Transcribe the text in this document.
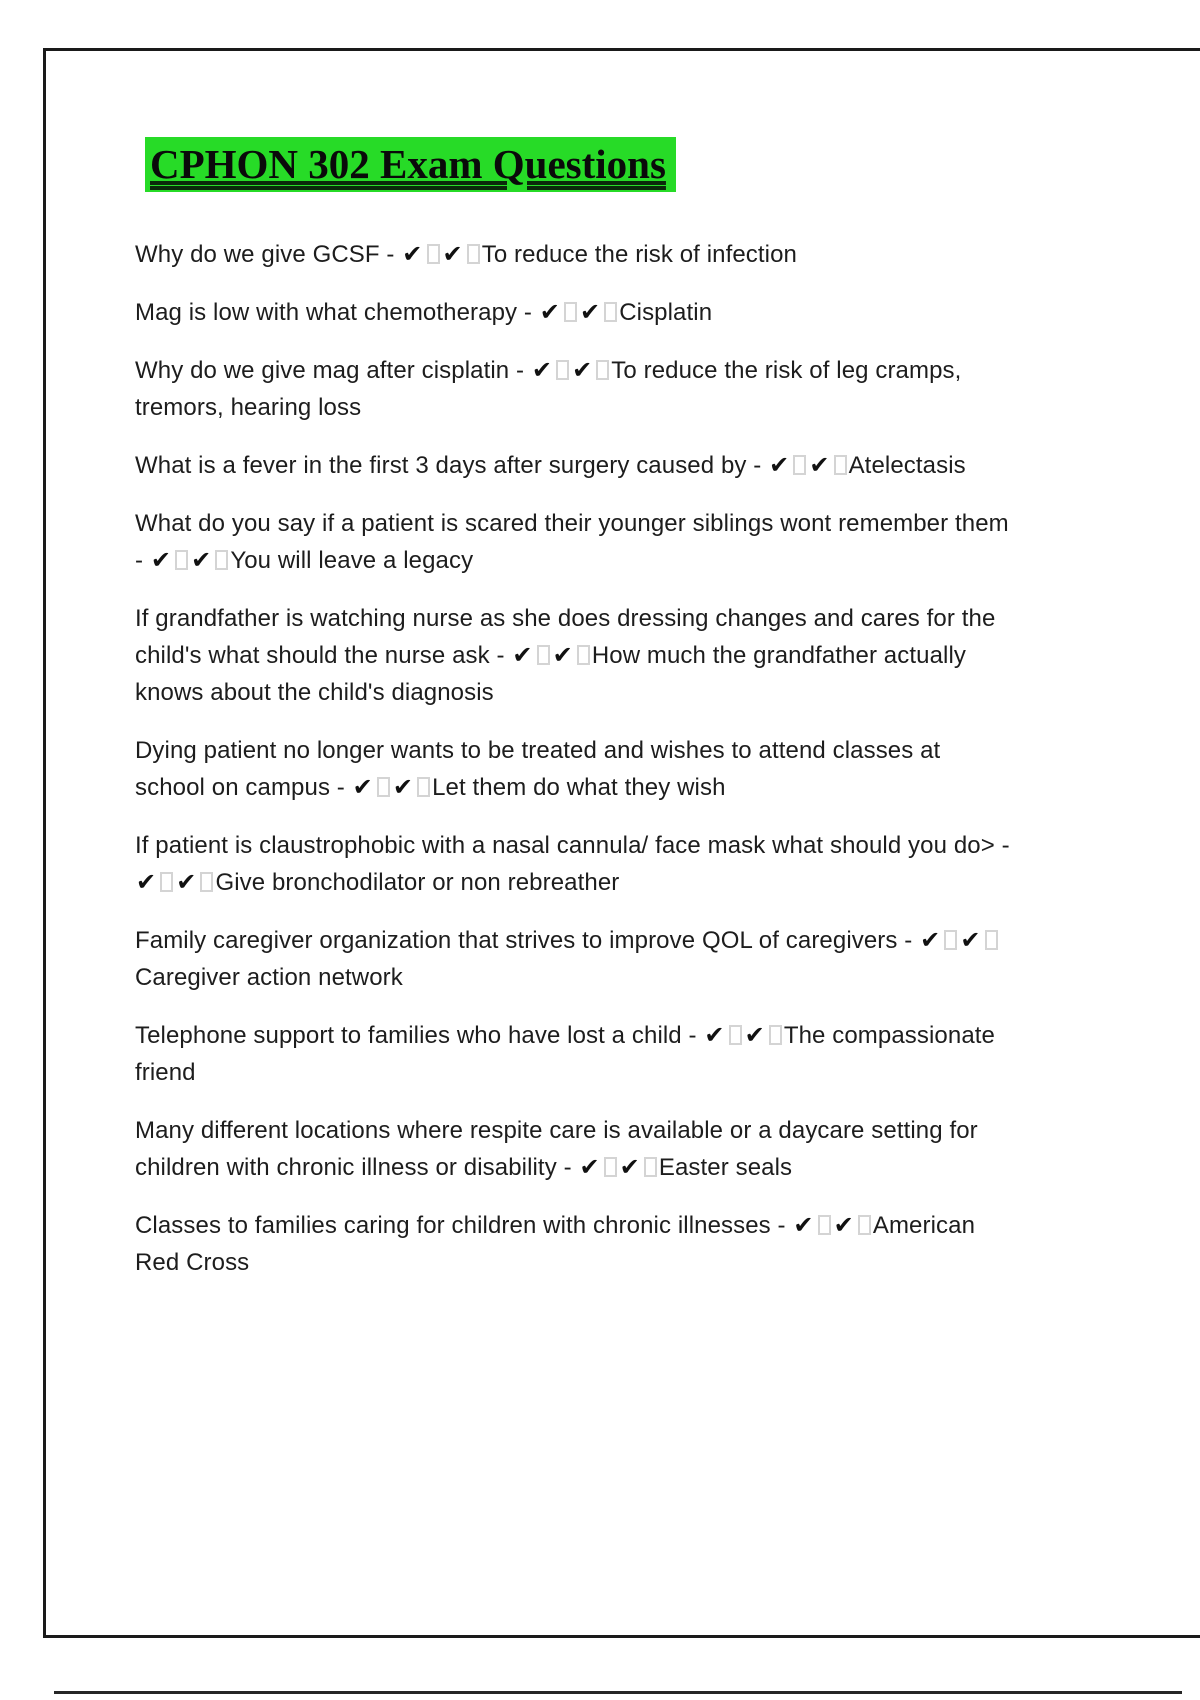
CPHON 302 Exam Questions

Why do we give GCSF - ✔ ✔ To reduce the risk of infection

Mag is low with what chemotherapy - ✔ ✔ Cisplatin

Why do we give mag after cisplatin - ✔ ✔ To reduce the risk of leg cramps, tremors, hearing loss

What is a fever in the first 3 days after surgery caused by - ✔ ✔ Atelectasis

What do you say if a patient is scared their younger siblings wont remember them - ✔ ✔ You will leave a legacy

If grandfather is watching nurse as she does dressing changes and cares for the child's what should the nurse ask - ✔ ✔ How much the grandfather actually knows about the child's diagnosis

Dying patient no longer wants to be treated and wishes to attend classes at school on campus - ✔ ✔ Let them do what they wish

If patient is claustrophobic with a nasal cannula/ face mask what should you do> - ✔ ✔ Give bronchodilator or non rebreather

Family caregiver organization that strives to improve QOL of caregivers - ✔ ✔Caregiver action network

Telephone support to families who have lost a child - ✔ ✔ The compassionate friend

Many different locations where respite care is available or a daycare setting for children with chronic illness or disability - ✔ ✔ Easter seals

Classes to families caring for children with chronic illnesses - ✔ ✔ American Red Cross
